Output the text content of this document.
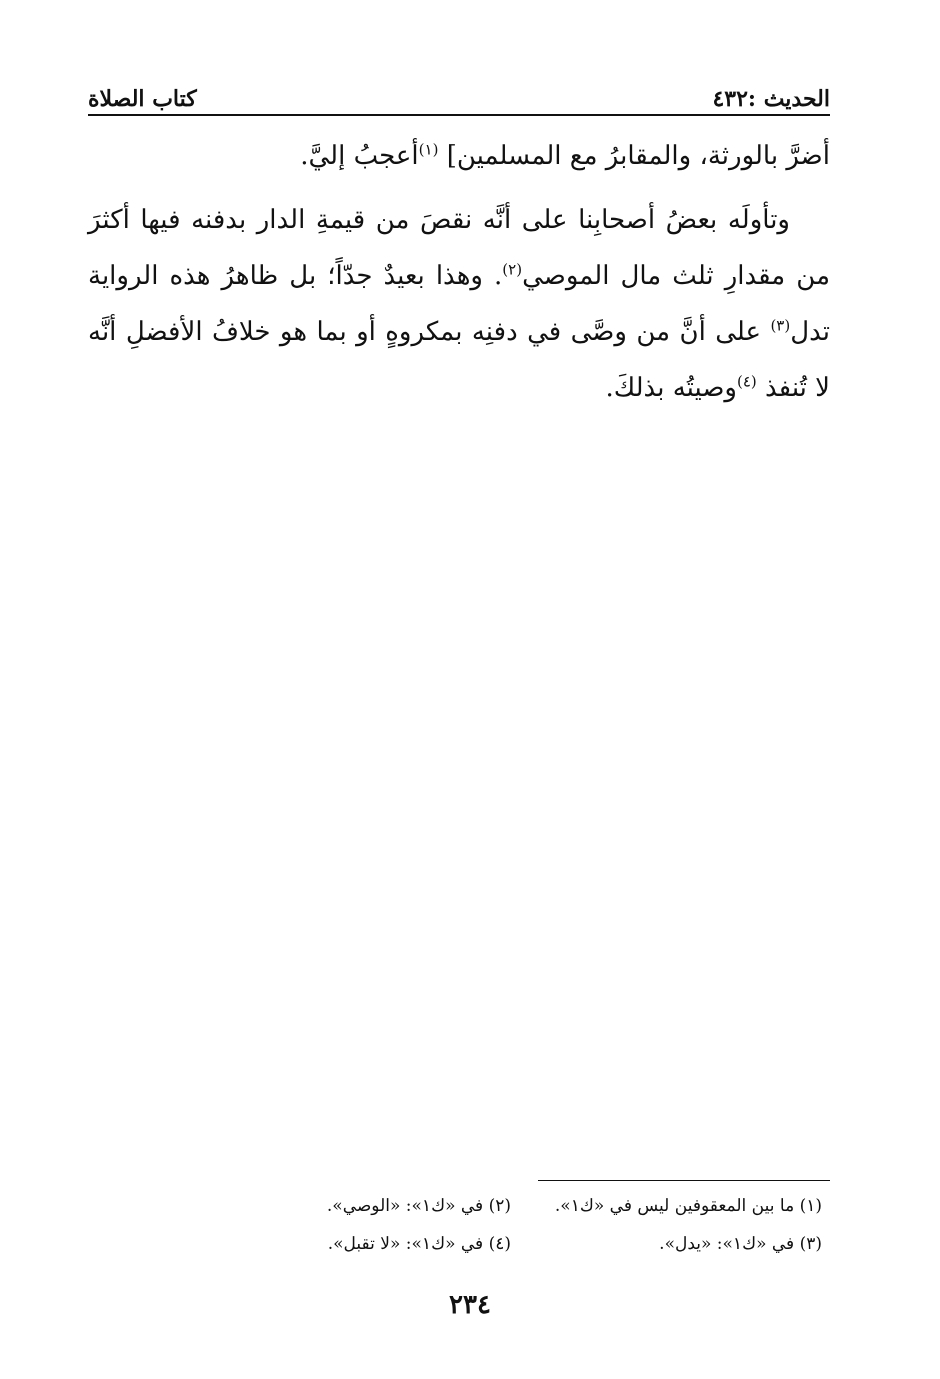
الحديث :٤٣٢
كتاب الصلاة

أضرَّ بالورثة، والمقابرُ مع المسلمين] $^{(١)}$أعجبُ إليَّ.

وتأولَه بعضُ أصحابِنا على أنَّه نقصَ من قيمةِ الدار بدفنه فيها أكثرَ من مقدارِ ثلث مال الموصي$^{(٢)}$. وهذا بعيدٌ جدّاً؛ بل ظاهرُ هذه الرواية تدل$^{(٣)}$ على أنَّ من وصَّى في دفنِه بمكروهٍ أو بما هو خلافُ الأفضلِ أنَّه لا تُنفذ $^{(٤)}$وصيتُه بذلكَ.

(١) ما بين المعقوفين ليس في «ك١».
(٢) في «ك١»: «الوصي».
(٣) في «ك١»: «يدل».
(٤) في «ك١»: «لا تقبل».
٢٣٤
